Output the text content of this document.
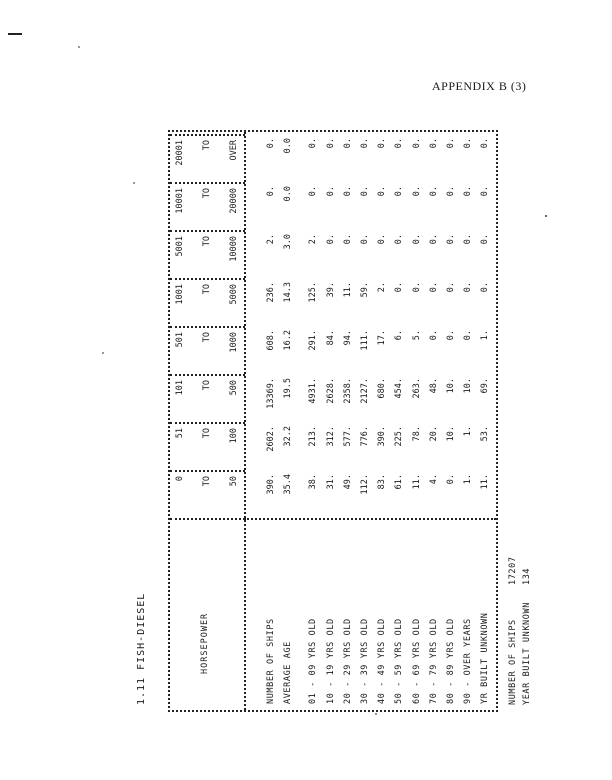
APPENDIX B (3)
1.11 FISH-DIESEL	HORSEPOWER
0 TO 50
51 TO 100
101 TO 500
501 TO 1000
1001 TO 5000
5001 TO 10000
10001 TO 20000
20001 TO OVER
NUMBER OF SHIPS
390.
2602.
13369.
608.
236.
2.
0.
0.
AVERAGE AGE
35.4
32.2
19.5
16.2
14.3
3.0
0.0
0.0
01 - 09 YRS OLD
38.
213.
4931.
291.
125.
2.
0.
0.
10 - 19 YRS OLD
31.
312.
2628.
84.
39.
0.
0.
0.
20 - 29 YRS OLD
49.
577.
2358.
94.
11.
0.
0.
0.
30 - 39 YRS OLD
112.
776.
2127.
111.
59.
0.
0.
0.
40 - 49 YRS OLD
83.
390.
680.
17.
2.
0.
0.
0.
50 - 59 YRS OLD
61.
225.
454.
6.
0.
0.
0.
0.
60 - 69 YRS OLD
11.
78.
263.
5.
0.
0.
0.
0.
70 - 79 YRS OLD
4.
20.
48.
0.
0.
0.
0.
0.
80 - 89 YRS OLD
0.
10.
10.
0.
0.
0.
0.
0.
90 - OVER YEARS
1.
1.
10.
0.
0.
0.
0.
0.
YR BUILT UNKNOWN
11.
53.
69.
1.
0.
0.
0.
0.
NUMBER OF SHIPS
17207
YEAR BUILT UNKNOWN
134
